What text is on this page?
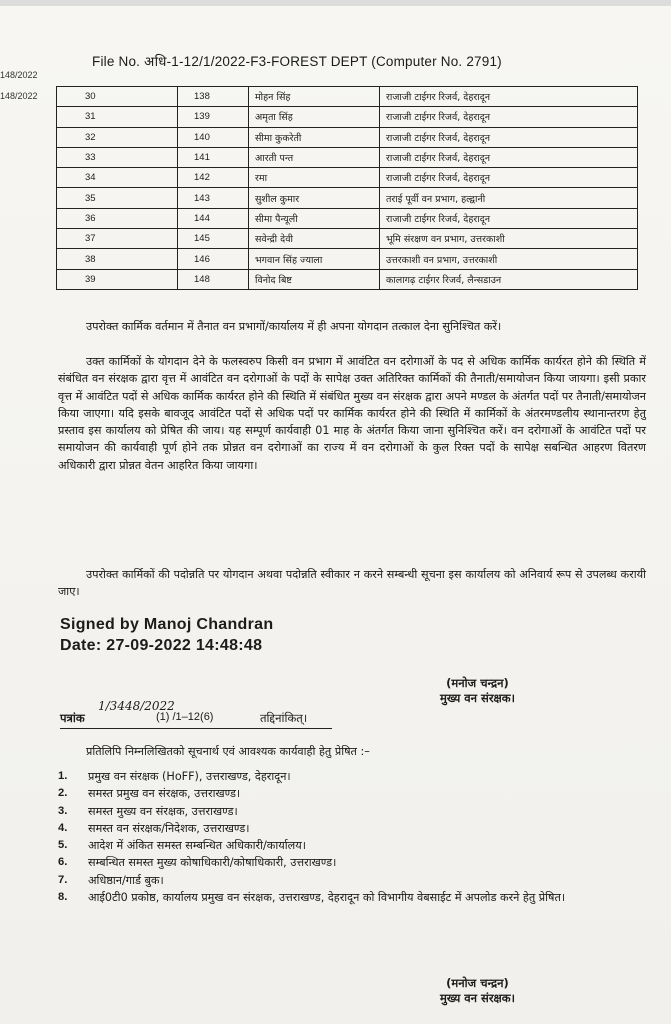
File No. अधि-1-12/1/2022-F3-FOREST DEPT (Computer No. 2791)
148/2022
148/2022	30	138	मोहन सिंह	राजाजी टाईगर रिजर्व, देहरादून
31	139	अमृता सिंह	राजाजी टाईगर रिजर्व, देहरादून
32	140	सीमा कुकरेती	राजाजी टाईगर रिजर्व, देहरादून
33	141	आरती पन्त	राजाजी टाईगर रिजर्व, देहरादून
34	142	रमा	राजाजी टाईगर रिजर्व, देहरादून
35	143	सुशील कुमार	तराई पूर्वी वन प्रभाग, हल्द्वानी
36	144	सीमा पैन्यूली	राजाजी टाईगर रिजर्व, देहरादून
37	145	सवेन्द्री देवी	भूमि संरक्षण वन प्रभाग, उत्तरकाशी
38	146	भगवान सिंह ज्याला	उत्तरकाशी वन प्रभाग, उत्तरकाशी
39	148	विनोद बिष्ट	कालागढ़ टाईगर रिजर्व, लैन्सडाउन
उपरोक्त कार्मिक वर्तमान में तैनात वन प्रभागों/कार्यालय में ही अपना योगदान तत्काल देना सुनिश्चित करें।
उक्त कार्मिकों के योगदान देने के फलस्वरुप किसी वन प्रभाग में आवंटित वन दरोगाओं के पद से अधिक कार्मिक कार्यरत होने की स्थिति में संबंधित वन संरक्षक द्वारा वृत्त में आवंटित वन दरोगाओं के पदों के सापेक्ष उक्त अतिरिक्त कार्मिकों की तैनाती/समायोजन किया जायगा। इसी प्रकार वृत्त में आवंटित पदों से अधिक कार्मिक कार्यरत होने की स्थिति में संबंधित मुख्य वन संरक्षक द्वारा अपने मण्डल के अंतर्गत पदों पर तैनाती/समायोजन किया जाएगा। यदि इसके बावजूद आवंटित पदों से अधिक पदों पर कार्मिक कार्यरत होने की स्थिति में कार्मिकों के अंतरमण्डलीय स्थानान्तरण हेतु प्रस्ताव इस कार्यालय को प्रेषित की जाय। यह सम्पूर्ण कार्यवाही 01 माह के अंतर्गत किया जाना सुनिश्चित करें। वन दरोगाओं के आवंटित पदों पर समायोजन की कार्यवाही पूर्ण होने तक प्रोन्नत वन दरोगाओं का राज्य में वन दरोगाओं के कुल रिक्त पदों के सापेक्ष सबन्धित आहरण वितरण अधिकारी द्वारा प्रोन्नत वेतन आहरित किया जायगा।
उपरोक्त कार्मिकों की पदोन्नति पर योगदान अथवा पदोन्नति स्वीकार न करने सम्बन्धी सूचना इस कार्यालय को अनिवार्य रूप से उपलब्ध करायी जाए।
Signed by Manoj Chandran
Date: 27-09-2022 14:48:48
(मनोज चन्द्रन)
मुख्य वन संरक्षक।
पत्रांक
1/3448/2022
(1) /1–12(6)	तद्दिनांकित्।
प्रतिलिपि निम्नलिखितको सूचनार्थ एवं आवश्यक कार्यवाही हेतु प्रेषित :–
1. प्रमुख वन संरक्षक (HoFF), उत्तराखण्ड, देहरादून।
2. समस्त प्रमुख वन संरक्षक, उत्तराखण्ड।
3. समस्त मुख्य वन संरक्षक, उत्तराखण्ड।
4. समस्त वन संरक्षक/निदेशक, उत्तराखण्ड।
5. आदेश में अंकित समस्त सम्बन्धित अधिकारी/कार्यालय।
6. सम्बन्धित समस्त मुख्य कोषाधिकारी/कोषाधिकारी, उत्तराखण्ड।
7. अधिष्ठान/गार्ड बुक।
8. आई0टी0 प्रकोष्ठ, कार्यालय प्रमुख वन संरक्षक, उत्तराखण्ड, देहरादून को विभागीय वेबसाईट में अपलोड करने हेतु प्रेषित।
(मनोज चन्द्रन)
मुख्य वन संरक्षक।
